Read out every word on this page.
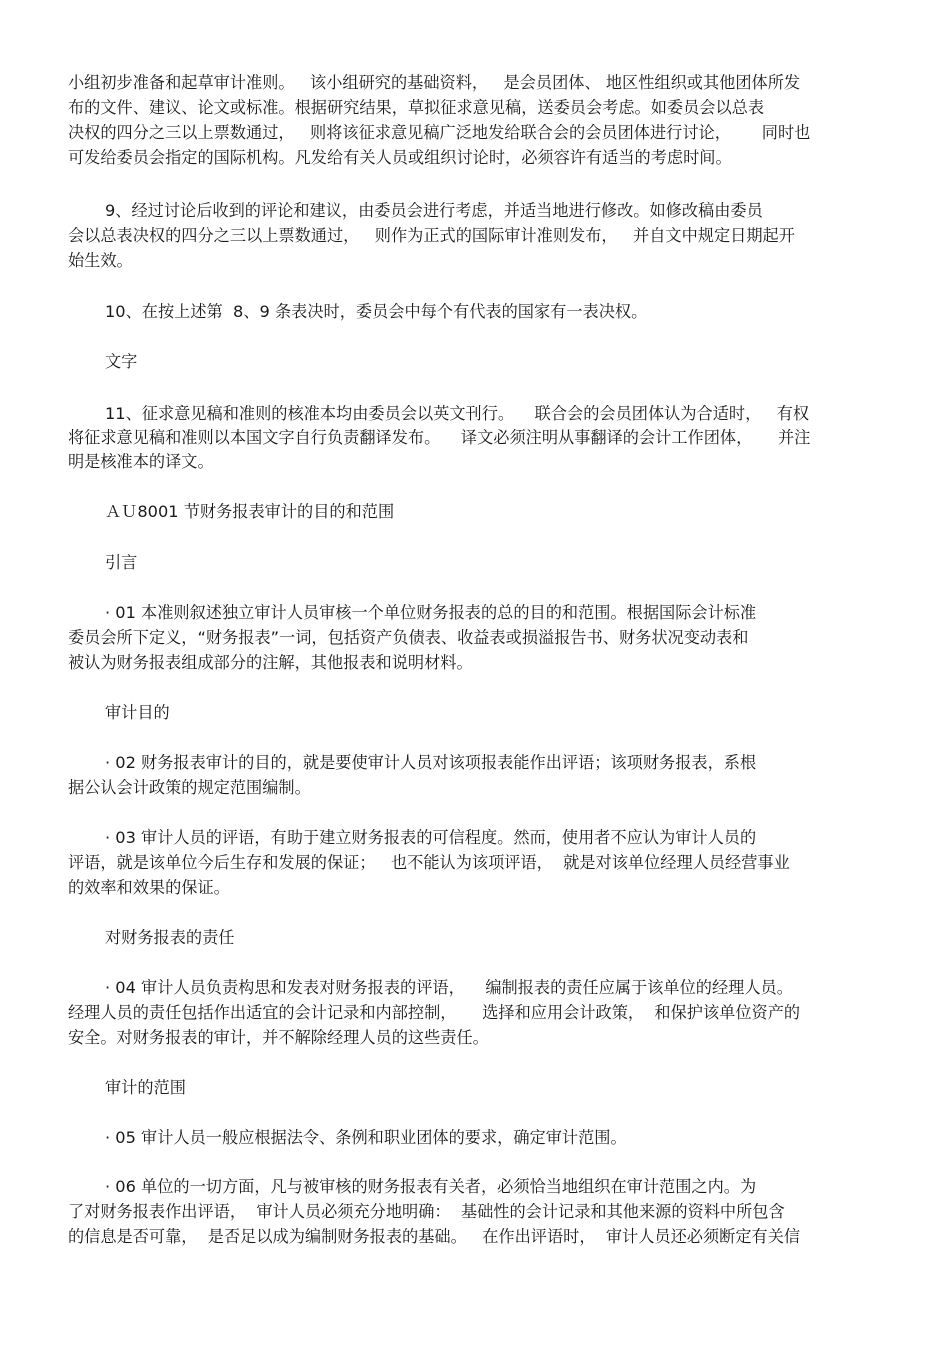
小组初步准备和起草审计准则。   该小组研究的基础资料，   是会员团体、 地区性组织或其他团体所发
布的文件、建议、论文或标准。根据研究结果，草拟征求意见稿，送委员会考虑。如委员会以总表
决权的四分之三以上票数通过，   则将该征求意见稿广泛地发给联合会的会员团体进行讨论，      同时也
可发给委员会指定的国际机构。凡发给有关人员或组织讨论时，必须容许有适当的考虑时间。
9、经过讨论后收到的评论和建议，由委员会进行考虑，并适当地进行修改。如修改稿由委员
会以总表决权的四分之三以上票数通过，   则作为正式的国际审计准则发布，   并自文中规定日期起开
始生效。
10、在按上述第  8、9 条表决时，委员会中每个有代表的国家有一表决权。
文字
11、征求意见稿和准则的核准本均由委员会以英文刊行。    联合会的会员团体认为合适时，   有权
将征求意见稿和准则以本国文字自行负责翻译发布。    译文必须注明从事翻译的会计工作团体，     并注
明是核准本的译文。
ＡＵ8001 节财务报表审计的目的和范围
引言
· 01 本准则叙述独立审计人员审核一个单位财务报表的总的目的和范围。根据国际会计标准
委员会所下定义，“财务报表”一词，包括资产负债表、收益表或损溢报告书、财务状况变动表和
被认为财务报表组成部分的注解，其他报表和说明材料。
审计目的
· 02 财务报表审计的目的，就是要使审计人员对该项报表能作出评语；该项财务报表，系根
据公认会计政策的规定范围编制。
· 03 审计人员的评语，有助于建立财务报表的可信程度。然而，使用者不应认为审计人员的
评语，就是该单位今后生存和发展的保证；   也不能认为该项评语，  就是对该单位经理人员经营事业
的效率和效果的保证。
对财务报表的责任
· 04 审计人员负责构思和发表对财务报表的评语，    编制报表的责任应属于该单位的经理人员。
经理人员的责任包括作出适宜的会计记录和内部控制，     选择和应用会计政策，  和保护该单位资产的
安全。对财务报表的审计，并不解除经理人员的这些责任。
审计的范围
· 05 审计人员一般应根据法令、条例和职业团体的要求，确定审计范围。
· 06 单位的一切方面，凡与被审核的财务报表有关者，必须恰当地组织在审计范围之内。为
了对财务报表作出评语，  审计人员必须充分地明确：  基础性的会计记录和其他来源的资料中所包含
的信息是否可靠，  是否足以成为编制财务报表的基础。   在作出评语时，  审计人员还必须断定有关信
